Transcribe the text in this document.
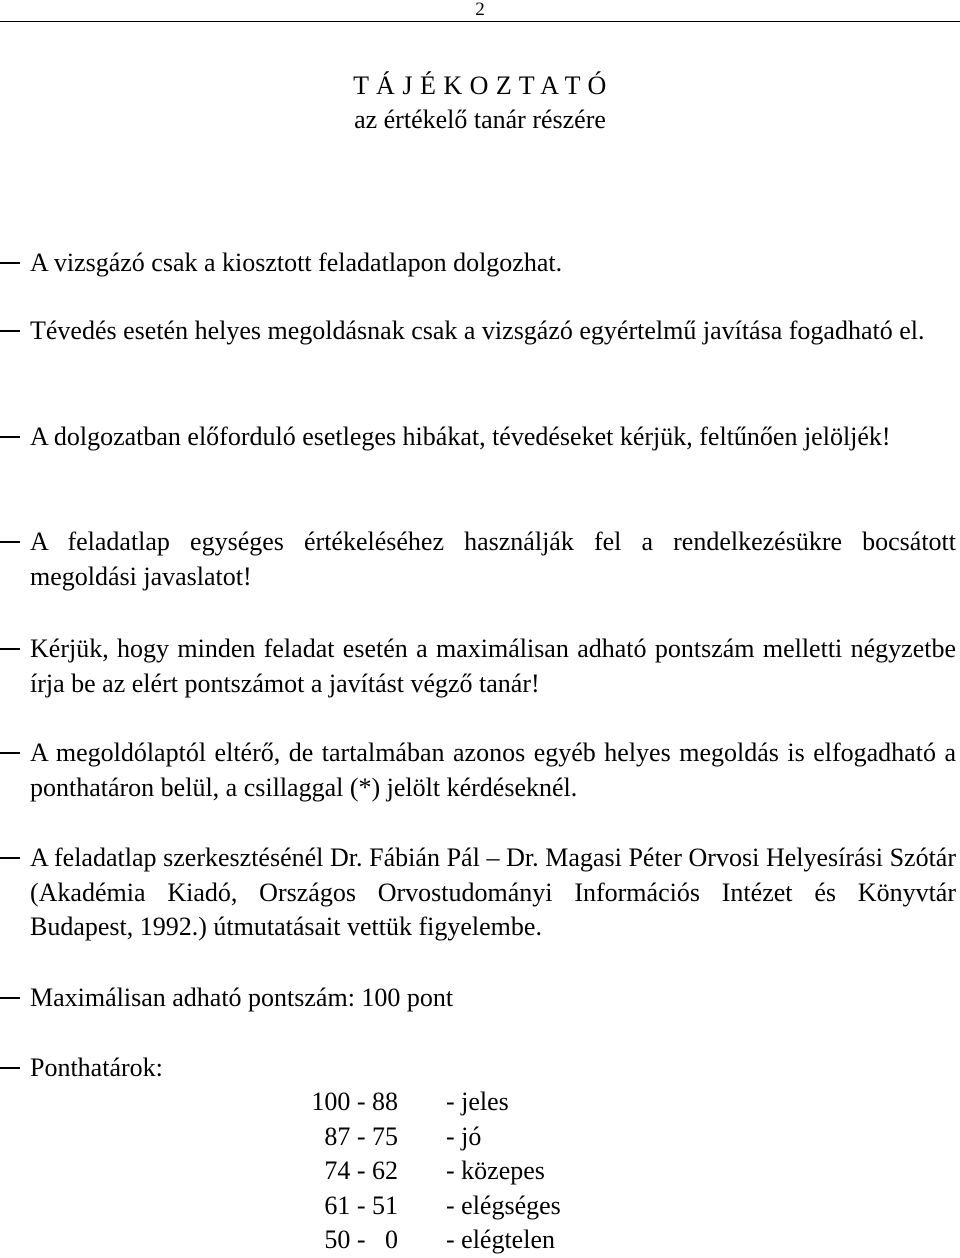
2
T Á J É K O Z T A T Ó
az értékelő tanár részére
A vizsgázó csak a kiosztott feladatlapon dolgozhat.
Tévedés esetén helyes megoldásnak csak a vizsgázó egyértelmű javítása fogadható el.
A dolgozatban előforduló esetleges hibákat, tévedéseket kérjük, feltűnően jelöljék!
A feladatlap egységes értékeléséhez használják fel a rendelkezésükre bocsátott megoldási javaslatot!
Kérjük, hogy minden feladat esetén a maximálisan adható pontszám melletti négyzetbe írja be az elért pontszámot a javítást végző tanár!
A megoldólaptól eltérő, de tartalmában azonos egyéb helyes megoldás is elfogadható a ponthatáron belül, a csillaggal (*) jelölt kérdéseknél.
A feladatlap szerkesztésénél Dr. Fábián Pál – Dr. Magasi Péter Orvosi Helyesírási Szótár (Akadémia Kiadó, Országos Orvostudományi Információs Intézet és Könyvtár Budapest, 1992.) útmutatásait vettük figyelembe.
Maximálisan adható pontszám: 100 pont
Ponthatárok:
100 - 88 - jeles
87 - 75 - jó
74 - 62 - közepes
61 - 51 - elégséges
50 -   0 - elégtelen
